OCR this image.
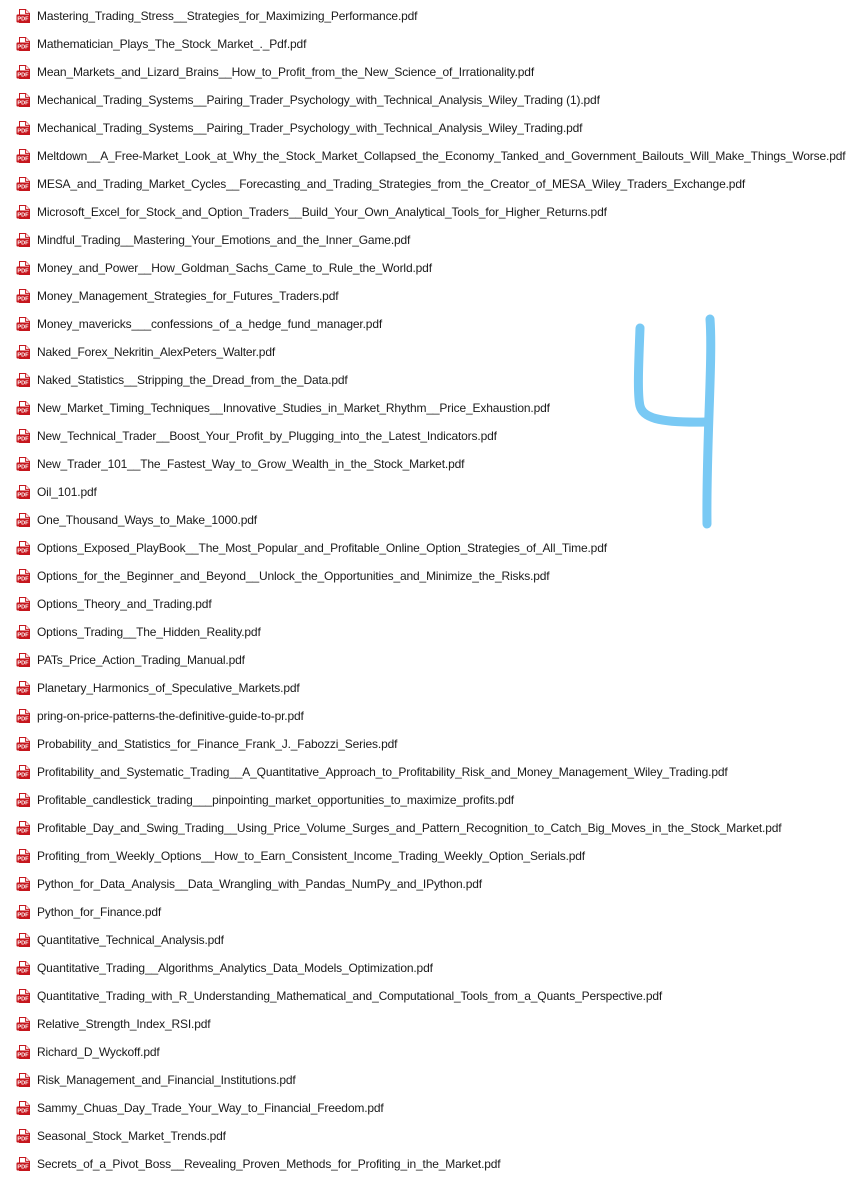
PDF Mastering_Trading_Stress__Strategies_for_Maximizing_Performance.pdf
PDF Mathematician_Plays_The_Stock_Market_._Pdf.pdf
PDF Mean_Markets_and_Lizard_Brains__How_to_Profit_from_the_New_Science_of_Irrationality.pdf
PDF Mechanical_Trading_Systems__Pairing_Trader_Psychology_with_Technical_Analysis_Wiley_Trading (1).pdf
PDF Mechanical_Trading_Systems__Pairing_Trader_Psychology_with_Technical_Analysis_Wiley_Trading.pdf
PDF Meltdown__A_Free-Market_Look_at_Why_the_Stock_Market_Collapsed_the_Economy_Tanked_and_Government_Bailouts_Will_Make_Things_Worse.pdf
PDF MESA_and_Trading_Market_Cycles__Forecasting_and_Trading_Strategies_from_the_Creator_of_MESA_Wiley_Traders_Exchange.pdf
PDF Microsoft_Excel_for_Stock_and_Option_Traders__Build_Your_Own_Analytical_Tools_for_Higher_Returns.pdf
PDF Mindful_Trading__Mastering_Your_Emotions_and_the_Inner_Game.pdf
PDF Money_and_Power__How_Goldman_Sachs_Came_to_Rule_the_World.pdf
PDF Money_Management_Strategies_for_Futures_Traders.pdf
PDF Money_mavericks___confessions_of_a_hedge_fund_manager.pdf
PDF Naked_Forex_Nekritin_AlexPeters_Walter.pdf
PDF Naked_Statistics__Stripping_the_Dread_from_the_Data.pdf
PDF New_Market_Timing_Techniques__Innovative_Studies_in_Market_Rhythm__Price_Exhaustion.pdf
PDF New_Technical_Trader__Boost_Your_Profit_by_Plugging_into_the_Latest_Indicators.pdf
PDF New_Trader_101__The_Fastest_Way_to_Grow_Wealth_in_the_Stock_Market.pdf
PDF Oil_101.pdf
PDF One_Thousand_Ways_to_Make_1000.pdf
PDF Options_Exposed_PlayBook__The_Most_Popular_and_Profitable_Online_Option_Strategies_of_All_Time.pdf
PDF Options_for_the_Beginner_and_Beyond__Unlock_the_Opportunities_and_Minimize_the_Risks.pdf
PDF Options_Theory_and_Trading.pdf
PDF Options_Trading__The_Hidden_Reality.pdf
PDF PATs_Price_Action_Trading_Manual.pdf
PDF Planetary_Harmonics_of_Speculative_Markets.pdf
PDF pring-on-price-patterns-the-definitive-guide-to-pr.pdf
PDF Probability_and_Statistics_for_Finance_Frank_J._Fabozzi_Series.pdf
PDF Profitability_and_Systematic_Trading__A_Quantitative_Approach_to_Profitability_Risk_and_Money_Management_Wiley_Trading.pdf
PDF Profitable_candlestick_trading___pinpointing_market_opportunities_to_maximize_profits.pdf
PDF Profitable_Day_and_Swing_Trading__Using_Price_Volume_Surges_and_Pattern_Recognition_to_Catch_Big_Moves_in_the_Stock_Market.pdf
PDF Profiting_from_Weekly_Options__How_to_Earn_Consistent_Income_Trading_Weekly_Option_Serials.pdf
PDF Python_for_Data_Analysis__Data_Wrangling_with_Pandas_NumPy_and_IPython.pdf
PDF Python_for_Finance.pdf
PDF Quantitative_Technical_Analysis.pdf
PDF Quantitative_Trading__Algorithms_Analytics_Data_Models_Optimization.pdf
PDF Quantitative_Trading_with_R_Understanding_Mathematical_and_Computational_Tools_from_a_Quants_Perspective.pdf
PDF Relative_Strength_Index_RSI.pdf
PDF Richard_D_Wyckoff.pdf
PDF Risk_Management_and_Financial_Institutions.pdf
PDF Sammy_Chuas_Day_Trade_Your_Way_to_Financial_Freedom.pdf
PDF Seasonal_Stock_Market_Trends.pdf
PDF Secrets_of_a_Pivot_Boss__Revealing_Proven_Methods_for_Profiting_in_the_Market.pdf
